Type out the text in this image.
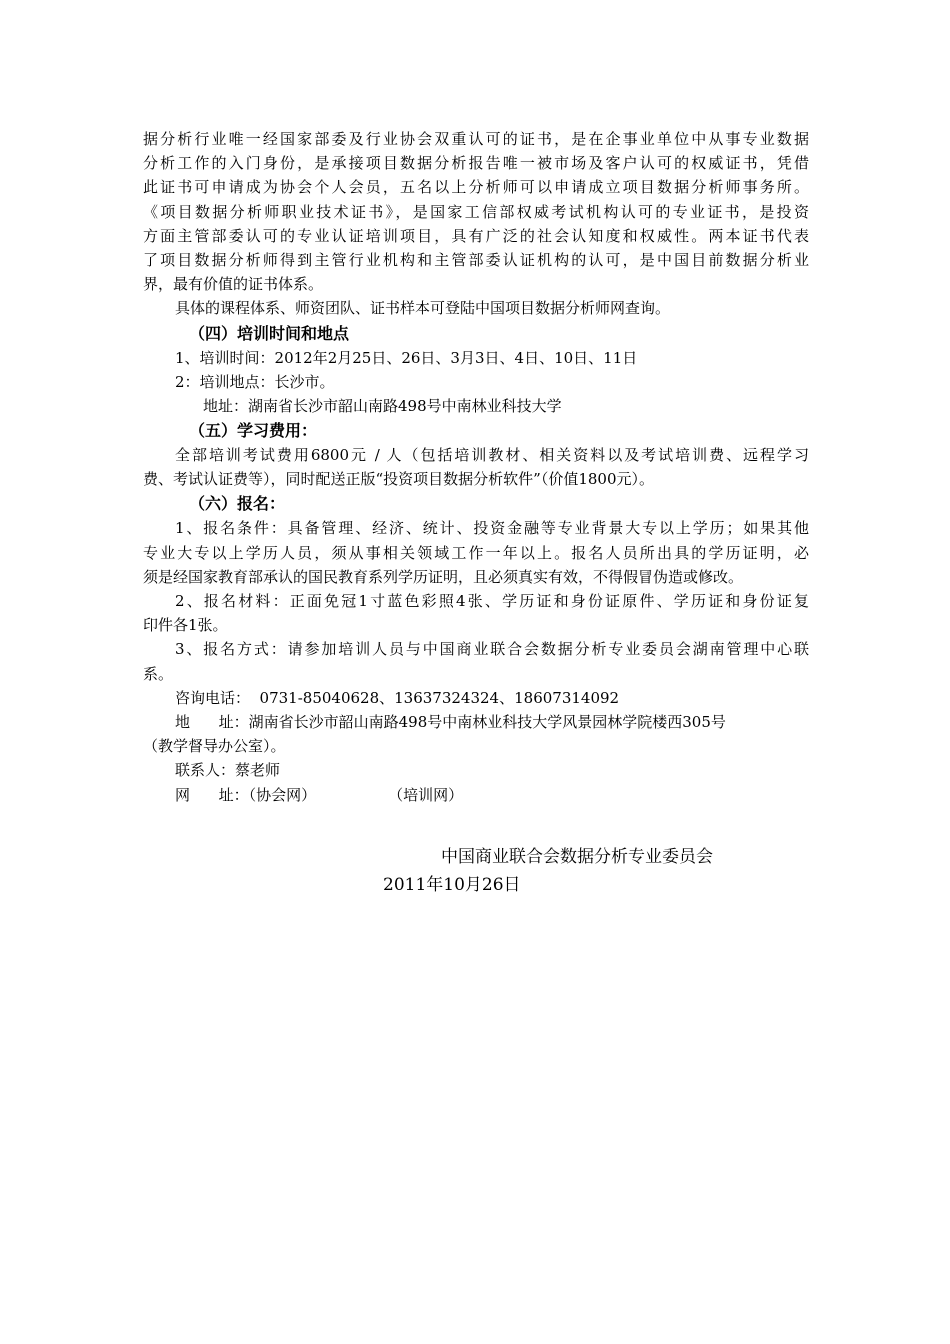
据分析行业唯一经国家部委及行业协会双重认可的证书，是在企事业单位中从事专业数据
分析工作的入门身份，是承接项目数据分析报告唯一被市场及客户认可的权威证书，凭借
此证书可申请成为协会个人会员，五名以上分析师可以申请成立项目数据分析师事务所。
《项目数据分析师职业技术证书》，是国家工信部权威考试机构认可的专业证书，是投资
方面主管部委认可的专业认证培训项目，具有广泛的社会认知度和权威性。两本证书代表
了项目数据分析师得到主管行业机构和主管部委认证机构的认可，是中国目前数据分析业
界，最有价值的证书体系。
具体的课程体系、师资团队、证书样本可登陆中国项目数据分析师网查询。
（四）培训时间和地点
1、培训时间：2012年2月25日、26日、3月3日、4日、10日、11日
2：培训地点：长沙市。
地址：湖南省长沙市韶山南路498号中南林业科技大学
（五）学习费用：
全部培训考试费用6800元 / 人（包括培训教材、相关资料以及考试培训费、远程学习
费、考试认证费等），同时配送正版“投资项目数据分析软件”（价值1800元）。
（六）报名：
1、报名条件：具备管理、经济、统计、投资金融等专业背景大专以上学历；如果其他
专业大专以上学历人员，须从事相关领域工作一年以上。报名人员所出具的学历证明，必
须是经国家教育部承认的国民教育系列学历证明，且必须真实有效，不得假冒伪造或修改。
2、报名材料：正面免冠1寸蓝色彩照4张、学历证和身份证原件、学历证和身份证复
印件各1张。
3、报名方式：请参加培训人员与中国商业联合会数据分析专业委员会湖南管理中心联
系。
咨询电话：  0731-85040628、13637324324、18607314092
地      址：湖南省长沙市韶山南路498号中南林业科技大学风景园林学院楼西305号
（教学督导办公室）。
联系人：蔡老师
网      址：（协会网）	（培训网）
中国商业联合会数据分析专业委员会
2011年10月26日
